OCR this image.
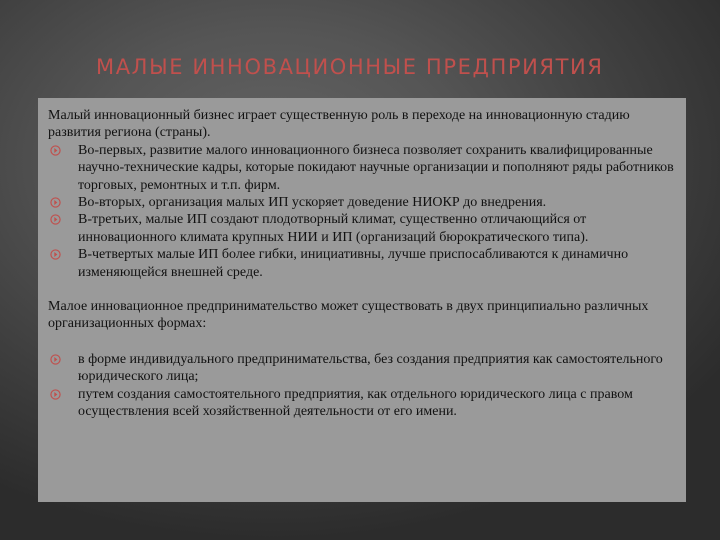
МАЛЫЕ ИННОВАЦИОННЫЕ ПРЕДПРИЯТИЯ

Малый инновационный бизнес играет существенную роль в переходе на инновационную стадию развития региона (страны).

Во-первых, развитие малого инновационного бизнеса позволяет сохранить квалифицированные научно-технические кадры, которые покидают научные организации и пополняют ряды работников торговых, ремонтных и т.п. фирм.
Во-вторых, организация малых ИП ускоряет доведение НИОКР до внедрения.
В-третьих, малые ИП создают плодотворный климат, существенно отличающийся от инновационного климата крупных НИИ и ИП (организаций бюрократического типа).
В-четвертых малые ИП более гибки, инициативны, лучше приспосабливаются к динамично изменяющейся внешней среде.

Малое инновационное предпринимательство может существовать в двух принципиально различных организационных формах:

в форме индивидуального предпринимательства, без создания предприятия как самостоятельного юридического лица;
путем создания самостоятельного предприятия, как отдельного юридического лица с правом осуществления всей хозяйственной деятельности от его имени.
